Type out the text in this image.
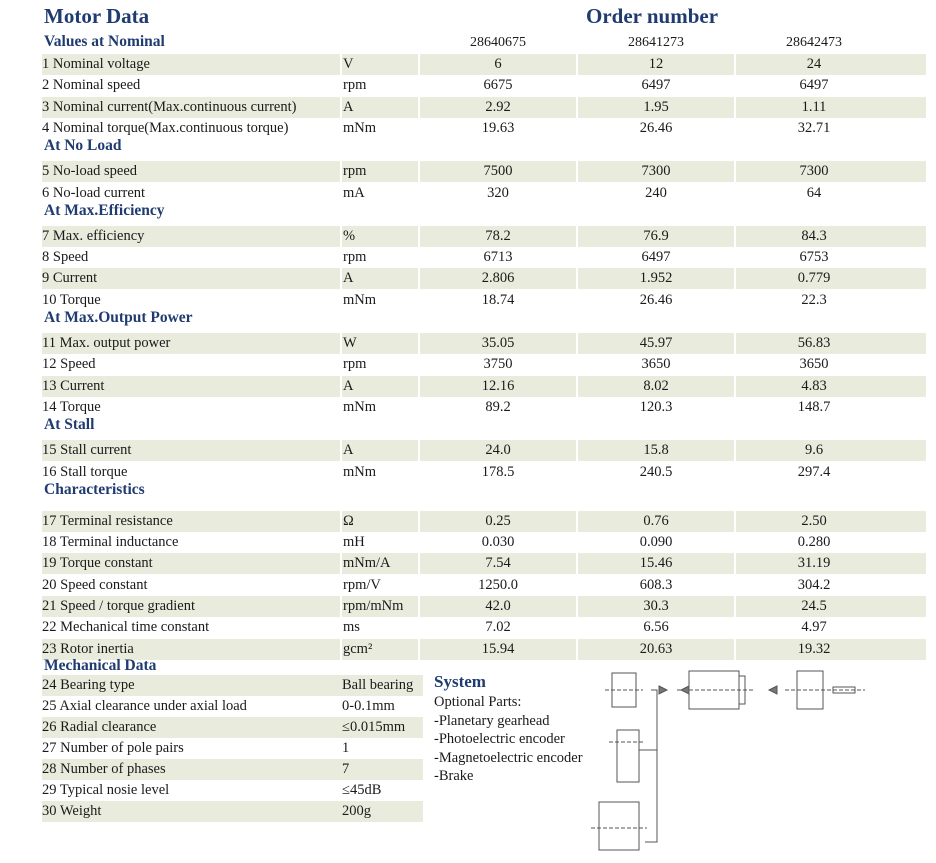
Motor Data	Order number
System
28640675	28641273	28642473
Values at Nominal
1 Nominal voltage	V	6	12	24
2 Nominal speed	rpm	6675	6497	6497
3 Nominal current(Max.continuous current)	A	2.92	1.95	1.11
4 Nominal torque(Max.continuous torque)	mNm	19.63	26.46	32.71
At No Load
5 No-load speed	rpm	7500	7300	7300
6 No-load current	mA	320	240	64
At Max.Efficiency
7 Max. efficiency	%	78.2	76.9	84.3
8 Speed	rpm	6713	6497	6753
9 Current	A	2.806	1.952	0.779
10 Torque	mNm	18.74	26.46	22.3
At Max.Output Power
11 Max. output power	W	35.05	45.97	56.83
12 Speed	rpm	3750	3650	3650
13 Current	A	12.16	8.02	4.83
14 Torque	mNm	89.2	120.3	148.7
At Stall
15 Stall current	A	24.0	15.8	9.6
16 Stall torque	mNm	178.5	240.5	297.4
Characteristics
17 Terminal resistance	Ω	0.25	0.76	2.50
18 Terminal inductance	mH	0.030	0.090	0.280
19 Torque constant	mNm/A	7.54	15.46	31.19
20 Speed constant	rpm/V	1250.0	608.3	304.2
21 Speed / torque gradient	rpm/mNm	42.0	30.3	24.5
22 Mechanical time constant	ms	7.02	6.56	4.97
23 Rotor inertia	gcm²	15.94	20.63	19.32
Mechanical Data
24 Bearing type	Ball bearing
25 Axial clearance under axial load	0-0.1mm
26 Radial clearance	≤0.015mm
27 Number of pole pairs	1
28 Number of phases	7
29 Typical nosie level	≤45dB
30 Weight	200g
Optional Parts:
-Planetary gearhead
-Photoelectric encoder
-Magnetoelectric encoder
-Brake
